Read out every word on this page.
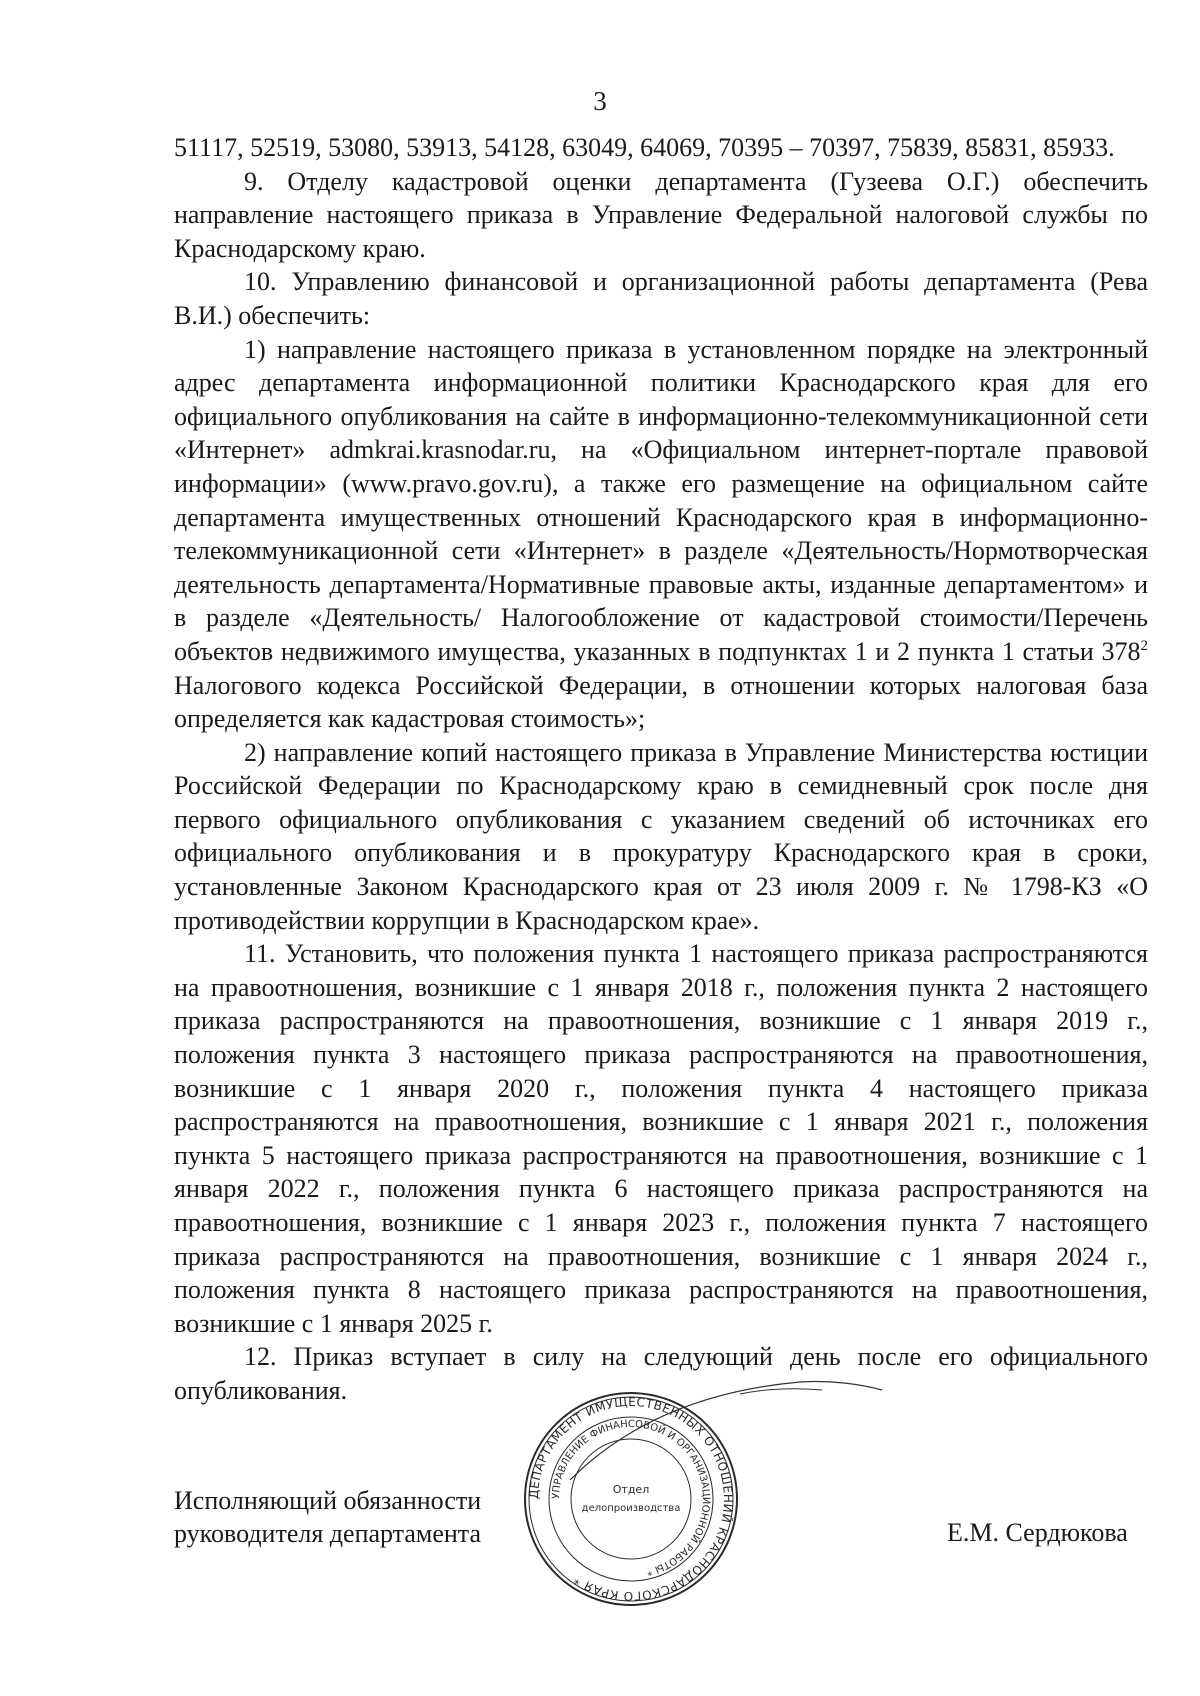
3

51117, 52519, 53080, 53913, 54128, 63049, 64069, 70395 – 70397, 75839, 85831, 85933.

9. Отделу кадастровой оценки департамента (Гузеева О.Г.) обеспечить направление настоящего приказа в Управление Федеральной налоговой службы по Краснодарскому краю.

10. Управлению финансовой и организационной работы департамента (Рева В.И.) обеспечить:

1) направление настоящего приказа в установленном порядке на электронный адрес департамента информационной политики Краснодарского края для его официального опубликования на сайте в информационно-телекоммуникационной сети «Интернет» admkrai.krasnodar.ru, на «Официальном интернет-портале правовой информации» (www.pravo.gov.ru), а также его размещение на официальном сайте департамента имущественных отношений Краснодарского края в информационно-телекоммуникационной сети «Интернет» в разделе «Деятельность/Нормотворческая деятельность департамента/Нормативные правовые акты, изданные департаментом» и в разделе «Деятельность/ Налогообложение от кадастровой стоимости/Перечень объектов недвижимого имущества, указанных в подпунктах 1 и 2 пункта 1 статьи $378^2$ Налогового кодекса Российской Федерации, в отношении которых налоговая база определяется как кадастровая стоимость»;

2) направление копий настоящего приказа в Управление Министерства юстиции Российской Федерации по Краснодарскому краю в семидневный срок после дня первого официального опубликования с указанием сведений об источниках его официального опубликования и в прокуратуру Краснодарского края в сроки, установленные Законом Краснодарского края от 23 июля 2009 г. № 1798-КЗ «О противодействии коррупции в Краснодарском крае».

11. Установить, что положения пункта 1 настоящего приказа распространяются на правоотношения, возникшие с 1 января 2018 г., положения пункта 2 настоящего приказа распространяются на правоотношения, возникшие с 1 января 2019 г., положения пункта 3 настоящего приказа распространяются на правоотношения, возникшие с 1 января 2020 г., положения пункта 4 настоящего приказа распространяются на правоотношения, возникшие с 1 января 2021 г., положения пункта 5 настоящего приказа распространяются на правоотношения, возникшие с 1 января 2022 г., положения пункта 6 настоящего приказа распространяются на правоотношения, возникшие с 1 января 2023 г., положения пункта 7 настоящего приказа распространяются на правоотношения, возникшие с 1 января 2024 г., положения пункта 8 настоящего приказа распространяются на правоотношения, возникшие с 1 января 2025 г.

12. Приказ вступает в силу на следующий день после его официального опубликования.

Исполняющий обязанности
руководителя департамента
ДЕПАРТАМЕНТ ИМУЩЕСТВЕННЫХ ОТНОШЕНИЙ КРАСНОДАРСКОГО КРАЯ *
УПРАВЛЕНИЕ ФИНАНСОВОЙ И ОРГАНИЗАЦИОННОЙ РАБОТЫ *
Отдел
делопроизводства
Е.М. Сердюкова
